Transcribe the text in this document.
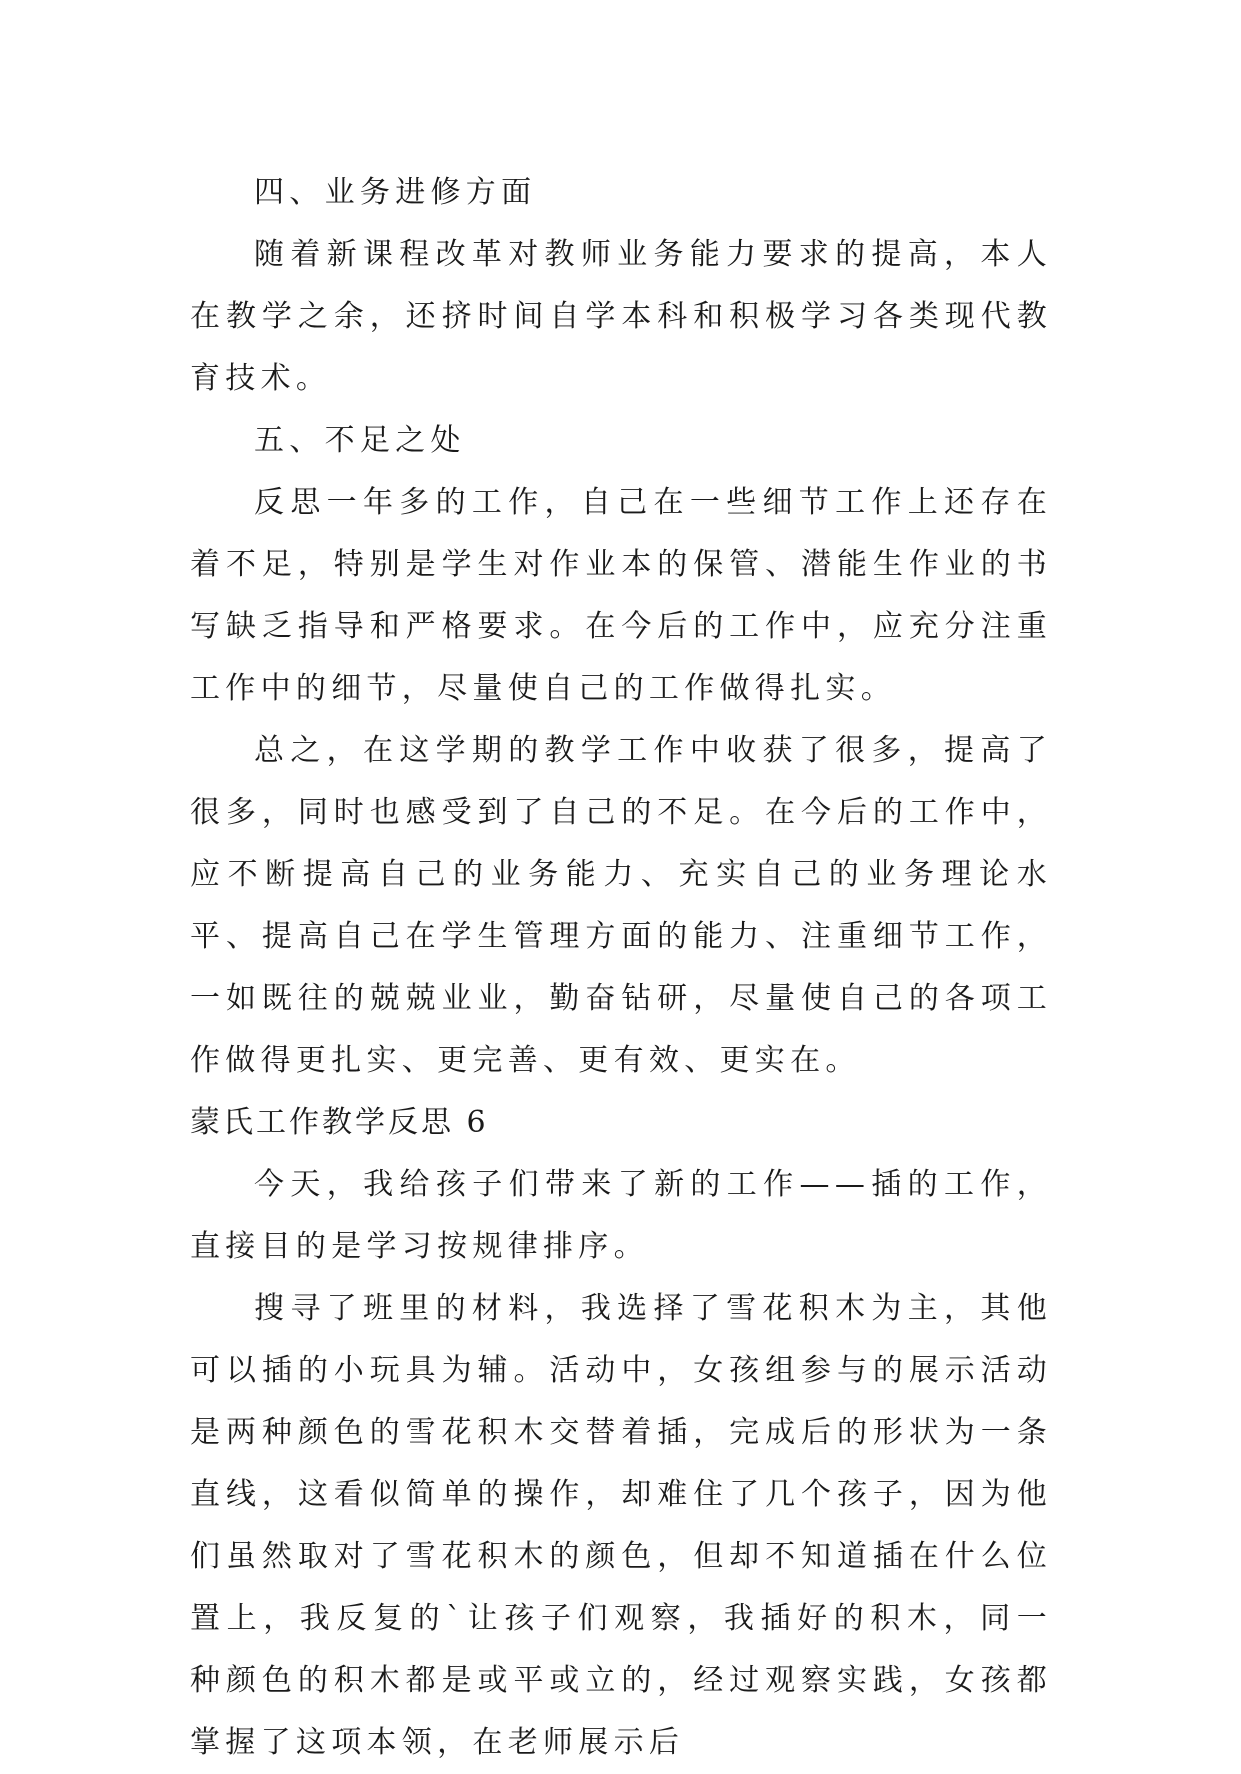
四、业务进修方面

随着新课程改革对教师业务能力要求的提高，本人在教学之余，还挤时间自学本科和积极学习各类现代教育技术。

五、不足之处

反思一年多的工作，自己在一些细节工作上还存在着不足，特别是学生对作业本的保管、潜能生作业的书写缺乏指导和严格要求。在今后的工作中，应充分注重工作中的细节，尽量使自己的工作做得扎实。

总之，在这学期的教学工作中收获了很多，提高了很多，同时也感受到了自己的不足。在今后的工作中，应不断提高自己的业务能力、充实自己的业务理论水平、提高自己在学生管理方面的能力、注重细节工作，一如既往的兢兢业业，勤奋钻研，尽量使自己的各项工作做得更扎实、更完善、更有效、更实在。

蒙氏工作教学反思 6

今天，我给孩子们带来了新的工作——插的工作，直接目的是学习按规律排序。

搜寻了班里的材料，我选择了雪花积木为主，其他可以插的小玩具为辅。活动中，女孩组参与的展示活动是两种颜色的雪花积木交替着插，完成后的形状为一条直线，这看似简单的操作，却难住了几个孩子，因为他们虽然取对了雪花积木的颜色，但却不知道插在什么位置上，我反复的`让孩子们观察，我插好的积木，同一种颜色的积木都是或平或立的，经过观察实践，女孩都掌握了这项本领，在老师展示后
